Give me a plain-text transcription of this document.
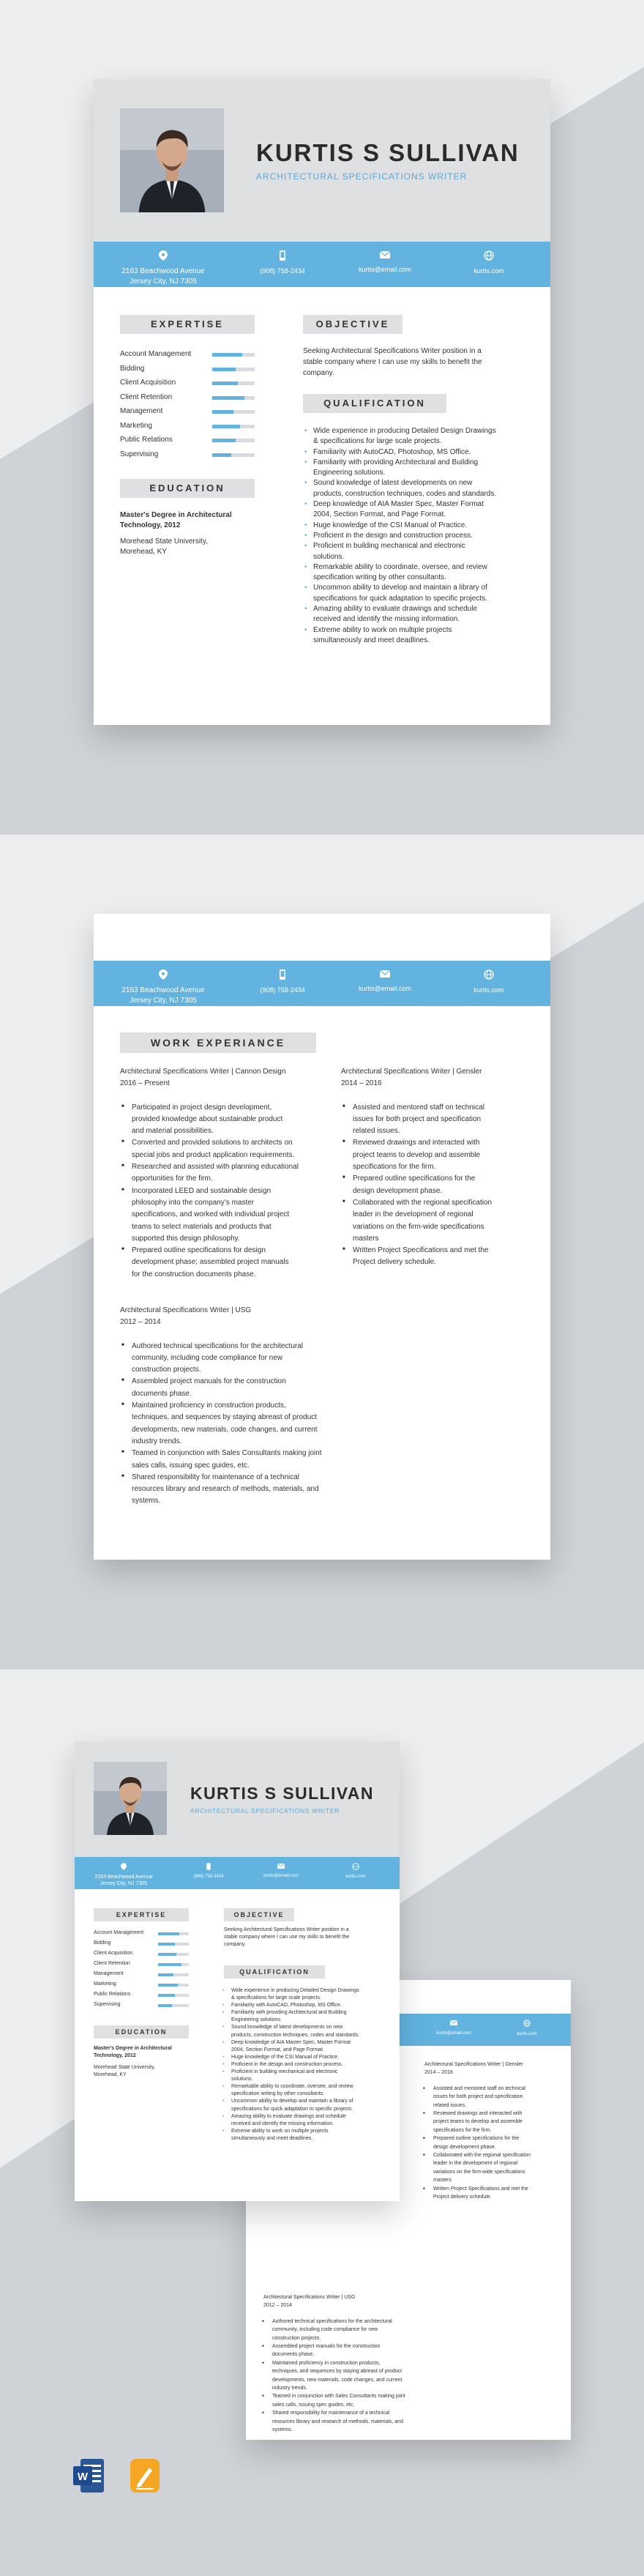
KURTIS S SULLIVAN
ARCHITECTURAL SPECIFICATIONS WRITER
2163 Beachwood Avenue
Jersey City, NJ 7305
(908) 758-2434	kurtis@email.com	kurtis.com
EXPERTISE
EDUCATION
Master's Degree in Architectural
Technology, 2012
Morehead State University,
Morehead, KY
OBJECTIVE
QUALIFICATION
• Wide experience in producing Detailed Design Drawings
& specifications for large scale projects.
• Familiarity with AutoCAD, Photoshop, MS Office.
• Familiarity with providing Architectural and Building
Engineering solutions.
• Sound knowledge of latest developments on new
products, construction techniques, codes and standards.
• Deep knowledge of AIA Master Spec, Master Format
2004, Section Format, and Page Format.
• Huge knowledge of the CSI Manual of Practice.
• Proficient in the design and construction process.
• Proficient in building mechanical and electronic
solutions.
• Remarkable ability to coordinate, oversee, and review
specification writing by other consultants.
• Uncommon ability to develop and maintain a library of
specifications for quick adaptation to specific projects.
• Amazing ability to evaluate drawings and schedule
received and identify the missing information.
• Extreme ability to work on multiple projects
simultaneously and meet deadlines.
Account Management
Bidding
Client Acquisition
Client Retention
Management
Marketing
Public Relations
Supervising
Seeking Architectural Specifications Writer position in a
stable company where I can use my skills to benefit the
company.
2163 Beachwood Avenue
Jersey City, NJ 7305
(908) 758-2434	kurtis@email.com	kurtis.com
WORK EXPERIANCE
Architectural Specifications Writer | Cannon Design
2016 – Present
■ Participated in project design development,
provided knowledge about sustainable product
and material possibilities.
■ Converted and provided solutions to architects on
special jobs and product application requirements.
■ Researched and assisted with planning educational
opportunities for the firm.
■ Incorporated LEED and sustainable design
philosophy into the company’s master
specifications, and worked with individual project
teams to select materials and products that
supported this design philosophy.
■ Prepared outline specifications for design
development phase; assembled project manuals
for the construction documents phase.
Architectural Specifications Writer | Gensler
2014 – 2016
■ Assisted and mentored staff on technical
issues for both project and specification
related issues.
■ Reviewed drawings and interacted with
project teams to develop and assemble
specifications for the firm.
■ Prepared outline specifications for the
design development phase.
■ Collaborated with the regional specification
leader in the development of regional
variations on the firm-wide specifications
masters
■ Written Project Specifications and met the
Project delivery schedule.
Architectural Specifications Writer | USG
2012 – 2014
■ Authored technical specifications for the architectural
community, including code compliance for new
construction projects.
■ Assembled project manuals for the construction
documents phase.
■ Maintained proficiency in construction products,
techniques, and sequences by staying abreast of product
developments, new materials, code changes, and current
industry trends.
■ Teamed in conjunction with Sales Consultants making joint
sales calls, issuing spec guides, etc.
■ Shared responsibility for maintenance of a technical
resources library and research of methods, materials, and
systems.
kurtis@email.com	kurtis.com
Architectural Specifications Writer | Gensler
2014 – 2016
■ Assisted and mentored staff on technical
issues for both project and specification
related issues.
■ Reviewed drawings and interacted with
project teams to develop and assemble
specifications for the firm.
■ Prepared outline specifications for the
design development phase.
■ Collaborated with the regional specification
leader in the development of regional
variations on the firm-wide specifications
masters
■ Written Project Specifications and met the
Project delivery schedule.
Architectural Specifications Writer | USG
2012 – 2014
■ Authored technical specifications for the architectural
community, including code compliance for new
construction projects.
■ Assembled project manuals for the construction
documents phase.
■ Maintained proficiency in construction products,
techniques, and sequences by staying abreast of product
developments, new materials, code changes, and current
industry trends.
■ Teamed in conjunction with Sales Consultants making joint
sales calls, issuing spec guides, etc.
■ Shared responsibility for maintenance of a technical
resources library and research of methods, materials, and
systems.
KURTIS S SULLIVAN
ARCHITECTURAL SPECIFICATIONS WRITER
2163 Beachwood Avenue
Jersey City, NJ 7305
(908) 758-2434	kurtis@email.com	kurtis.com
EXPERTISE
EDUCATION
Master's Degree in Architectural
Technology, 2012
Morehead State University,
Morehead, KY
OBJECTIVE
QUALIFICATION
• Wide experience in producing Detailed Design Drawings
& specifications for large scale projects.
• Familiarity with AutoCAD, Photoshop, MS Office.
• Familiarity with providing Architectural and Building
Engineering solutions.
• Sound knowledge of latest developments on new
products, construction techniques, codes and standards.
• Deep knowledge of AIA Master Spec, Master Format
2004, Section Format, and Page Format.
• Huge knowledge of the CSI Manual of Practice.
• Proficient in the design and construction process.
• Proficient in building mechanical and electronic
solutions.
• Remarkable ability to coordinate, oversee, and review
specification writing by other consultants.
• Uncommon ability to develop and maintain a library of
specifications for quick adaptation to specific projects.
• Amazing ability to evaluate drawings and schedule
received and identify the missing information.
• Extreme ability to work on multiple projects
simultaneously and meet deadlines.
Account Management
Bidding
Client Acquisition
Client Retention
Management
Marketing
Public Relations
Supervising
Seeking Architectural Specifications Writer position in a
stable company where I can use my skills to benefit the
company.
W
